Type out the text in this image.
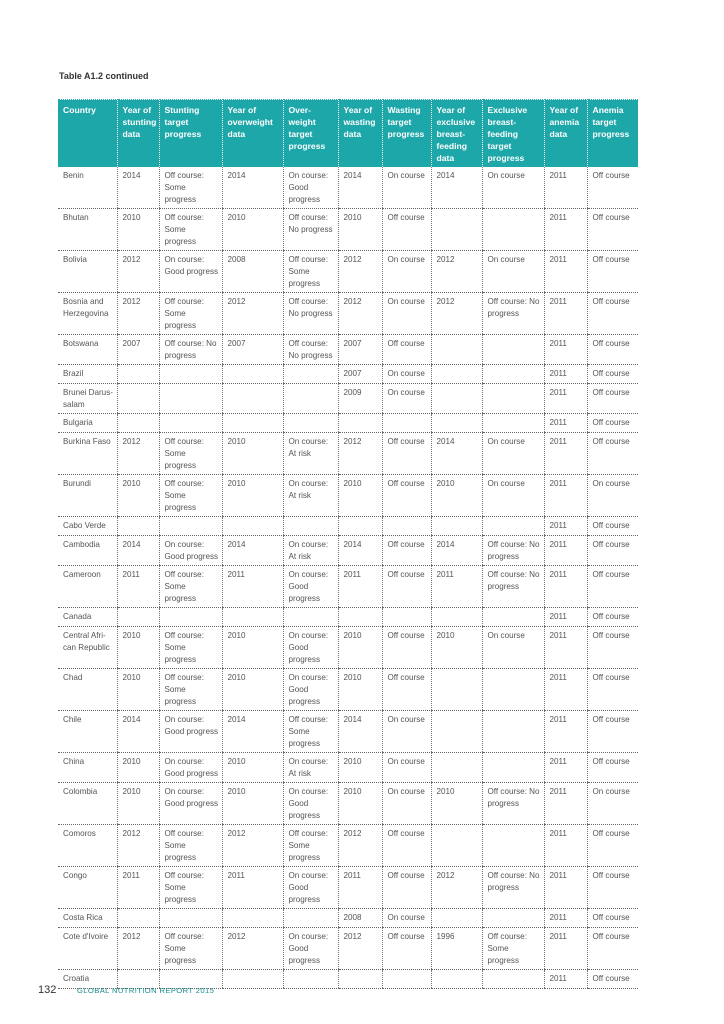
Table A1.2 continued
Country	Year of stunting data	Stunting target progress	Year of overweight data	Over-weight target progress	Year of wasting data	Wasting target progress	Year of exclusive breast-feeding data	Exclusive breast-feeding target progress	Year of anemia data	Anemia target progress
Benin	2014	Off course: Some progress	2014	On course: Good progress	2014	On course	2014	On course	2011	Off course
Bhutan	2010	Off course: Some progress	2010	Off course: No progress	2010	Off course			2011	Off course
Bolivia	2012	On course: Good progress	2008	Off course: Some progress	2012	On course	2012	On course	2011	Off course
Bosnia and Herzegovina	2012	Off course: Some progress	2012	Off course: No progress	2012	On course	2012	Off course: No progress	2011	Off course
Botswana	2007	Off course: No progress	2007	Off course: No progress	2007	Off course			2011	Off course
Brazil					2007	On course			2011	Off course
Brunei Darus-salam					2009	On course			2011	Off course
Bulgaria									2011	Off course
Burkina Faso	2012	Off course: Some progress	2010	On course: At risk	2012	Off course	2014	On course	2011	Off course
Burundi	2010	Off course: Some progress	2010	On course: At risk	2010	Off course	2010	On course	2011	On course
Cabo Verde									2011	Off course
Cambodia	2014	On course: Good progress	2014	On course: At risk	2014	Off course	2014	Off course: No progress	2011	Off course
Cameroon	2011	Off course: Some progress	2011	On course: Good progress	2011	Off course	2011	Off course: No progress	2011	Off course
Canada									2011	Off course
Central Afri-can Republic	2010	Off course: Some progress	2010	On course: Good progress	2010	Off course	2010	On course	2011	Off course
Chad	2010	Off course: Some progress	2010	On course: Good progress	2010	Off course			2011	Off course
Chile	2014	On course: Good progress	2014	Off course: Some progress	2014	On course			2011	Off course
China	2010	On course: Good progress	2010	On course: At risk	2010	On course			2011	Off course
Colombia	2010	On course: Good progress	2010	On course: Good progress	2010	On course	2010	Off course: No progress	2011	On course
Comoros	2012	Off course: Some progress	2012	Off course: Some progress	2012	Off course			2011	Off course
Congo	2011	Off course: Some progress	2011	On course: Good progress	2011	Off course	2012	Off course: No progress	2011	Off course
Costa Rica					2008	On course			2011	Off course
Cote d'Ivoire	2012	Off course: Some progress	2012	On course: Good progress	2012	Off course	1996	Off course: Some progress	2011	Off course
Croatia									2011	Off course
132	GLOBAL NUTRITION REPORT 2015
